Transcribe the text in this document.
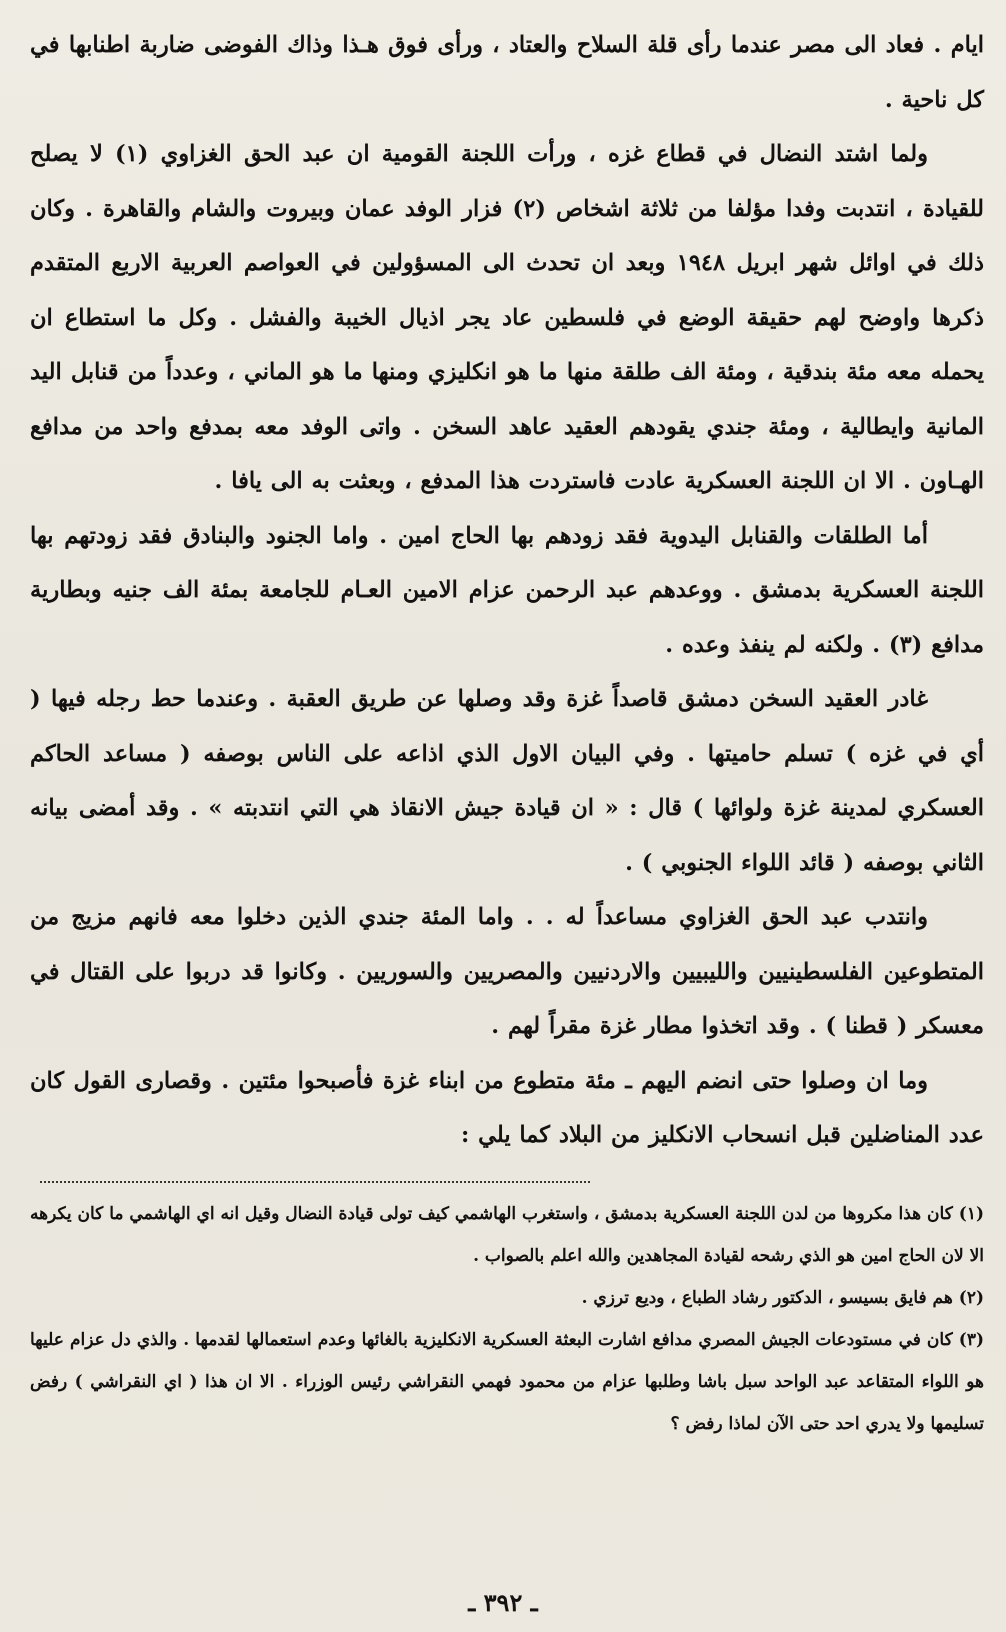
ايام . فعاد الى مصر عندما رأى قلة السلاح والعتاد ، ورأى فوق هـذا وذاك الفوضى ضاربة اطنابها في كل ناحية .

ولما اشتد النضال في قطاع غزه ، ورأت اللجنة القومية ان عبد الحق الغزاوي (١) لا يصلح للقيادة ، انتدبت وفدا مؤلفا من ثلاثة اشخاص (٢) فزار الوفد عمان وبيروت والشام والقاهرة . وكان ذلك في اوائل شهر ابريل ١٩٤٨ وبعد ان تحدث الى المسؤولين في العواصم العربية الاربع المتقدم ذكرها واوضح لهم حقيقة الوضع في فلسطين عاد يجر اذيال الخيبة والفشل . وكل ما استطاع ان يحمله معه مئة بندقية ، ومئة الف طلقة منها ما هو انكليزي ومنها ما هو الماني ، وعدداً من قنابل اليد المانية وايطالية ، ومئة جندي يقودهم العقيد عاهد السخن . واتى الوفد معه بمدفع واحد من مدافع الهـاون . الا ان اللجنة العسكرية عادت فاستردت هذا المدفع ، وبعثت به الى يافا .

أما الطلقات والقنابل اليدوية فقد زودهم بها الحاج امين . واما الجنود والبنادق فقد زودتهم بها اللجنة العسكرية بدمشق . ووعدهم عبد الرحمن عزام الامين العـام للجامعة بمئة الف جنيه وبطارية مدافع (٣) . ولكنه لم ينفذ وعده .

غادر العقيد السخن دمشق قاصداً غزة وقد وصلها عن طريق العقبة . وعندما حط رجله فيها ( أي في غزه ) تسلم حاميتها . وفي البيان الاول الذي اذاعه على الناس بوصفه ( مساعد الحاكم العسكري لمدينة غزة ولوائها ) قال : « ان قيادة جيش الانقاذ هي التي انتدبته » . وقد أمضى بيانه الثاني بوصفه ( قائد اللواء الجنوبي ) .

وانتدب عبد الحق الغزاوي مساعداً له . . واما المئة جندي الذين دخلوا معه فانهم مزيج من المتطوعين الفلسطينيين والليبيين والاردنيين والمصريين والسوريين . وكانوا قد دربوا على القتال في معسكر ( قطنا ) . وقد اتخذوا مطار غزة مقراً لهم .

وما ان وصلوا حتى انضم اليهم ـ مئة متطوع من ابناء غزة فأصبحوا مئتين . وقصارى القول كان عدد المناضلين قبل انسحاب الانكليز من البلاد كما يلي :

(١) كان هذا مكروها من لدن اللجنة العسكرية بدمشق ، واستغرب الهاشمي كيف تولى قيادة النضال وقيل انه اي الهاشمي ما كان يكرهه الا لان الحاج امين هو الذي رشحه لقيادة المجاهدين والله اعلم بالصواب .

(٢) هم فايق بسيسو ، الدكتور رشاد الطباع ، وديع ترزي .

(٣) كان في مستودعات الجيش المصري مدافع اشارت البعثة العسكرية الانكليزية بالغائها وعدم استعمالها لقدمها . والذي دل عزام عليها هو اللواء المتقاعد عبد الواحد سبل باشا وطلبها عزام من محمود فهمي النقراشي رئيس الوزراء . الا ان هذا ( اي النقراشي ) رفض تسليمها ولا يدري احد حتى الآن لماذا رفض ؟

ـ ٣٩٢ ـ
